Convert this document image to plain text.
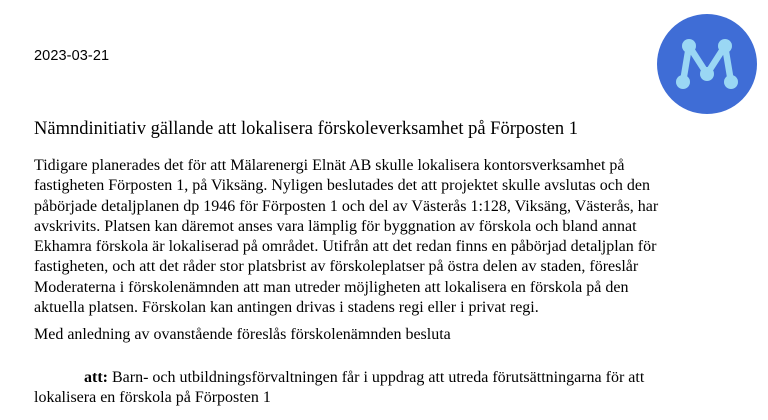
2023-03-21
Nämndinitiativ gällande att lokalisera förskoleverksamhet på Förposten 1
Tidigare planerades det för att Mälarenergi Elnät AB skulle lokalisera kontorsverksamhet på
fastigheten Förposten 1, på Viksäng. Nyligen beslutades det att projektet skulle avslutas och den
påbörjade detaljplanen dp 1946 för Förposten 1 och del av Västerås 1:128, Viksäng, Västerås, har
avskrivits. Platsen kan däremot anses vara lämplig för byggnation av förskola och bland annat
Ekhamra förskola är lokaliserad på området. Utifrån att det redan finns en påbörjad detaljplan för
fastigheten, och att det råder stor platsbrist av förskoleplatser på östra delen av staden, föreslår
Moderaterna i förskolenämnden att man utreder möjligheten att lokalisera en förskola på den
aktuella platsen. Förskolan kan antingen drivas i stadens regi eller i privat regi.
Med anledning av ovanstående föreslås förskolenämnden besluta
att: Barn- och utbildningsförvaltningen får i uppdrag att utreda förutsättningarna för att
lokalisera en förskola på Förposten 1
